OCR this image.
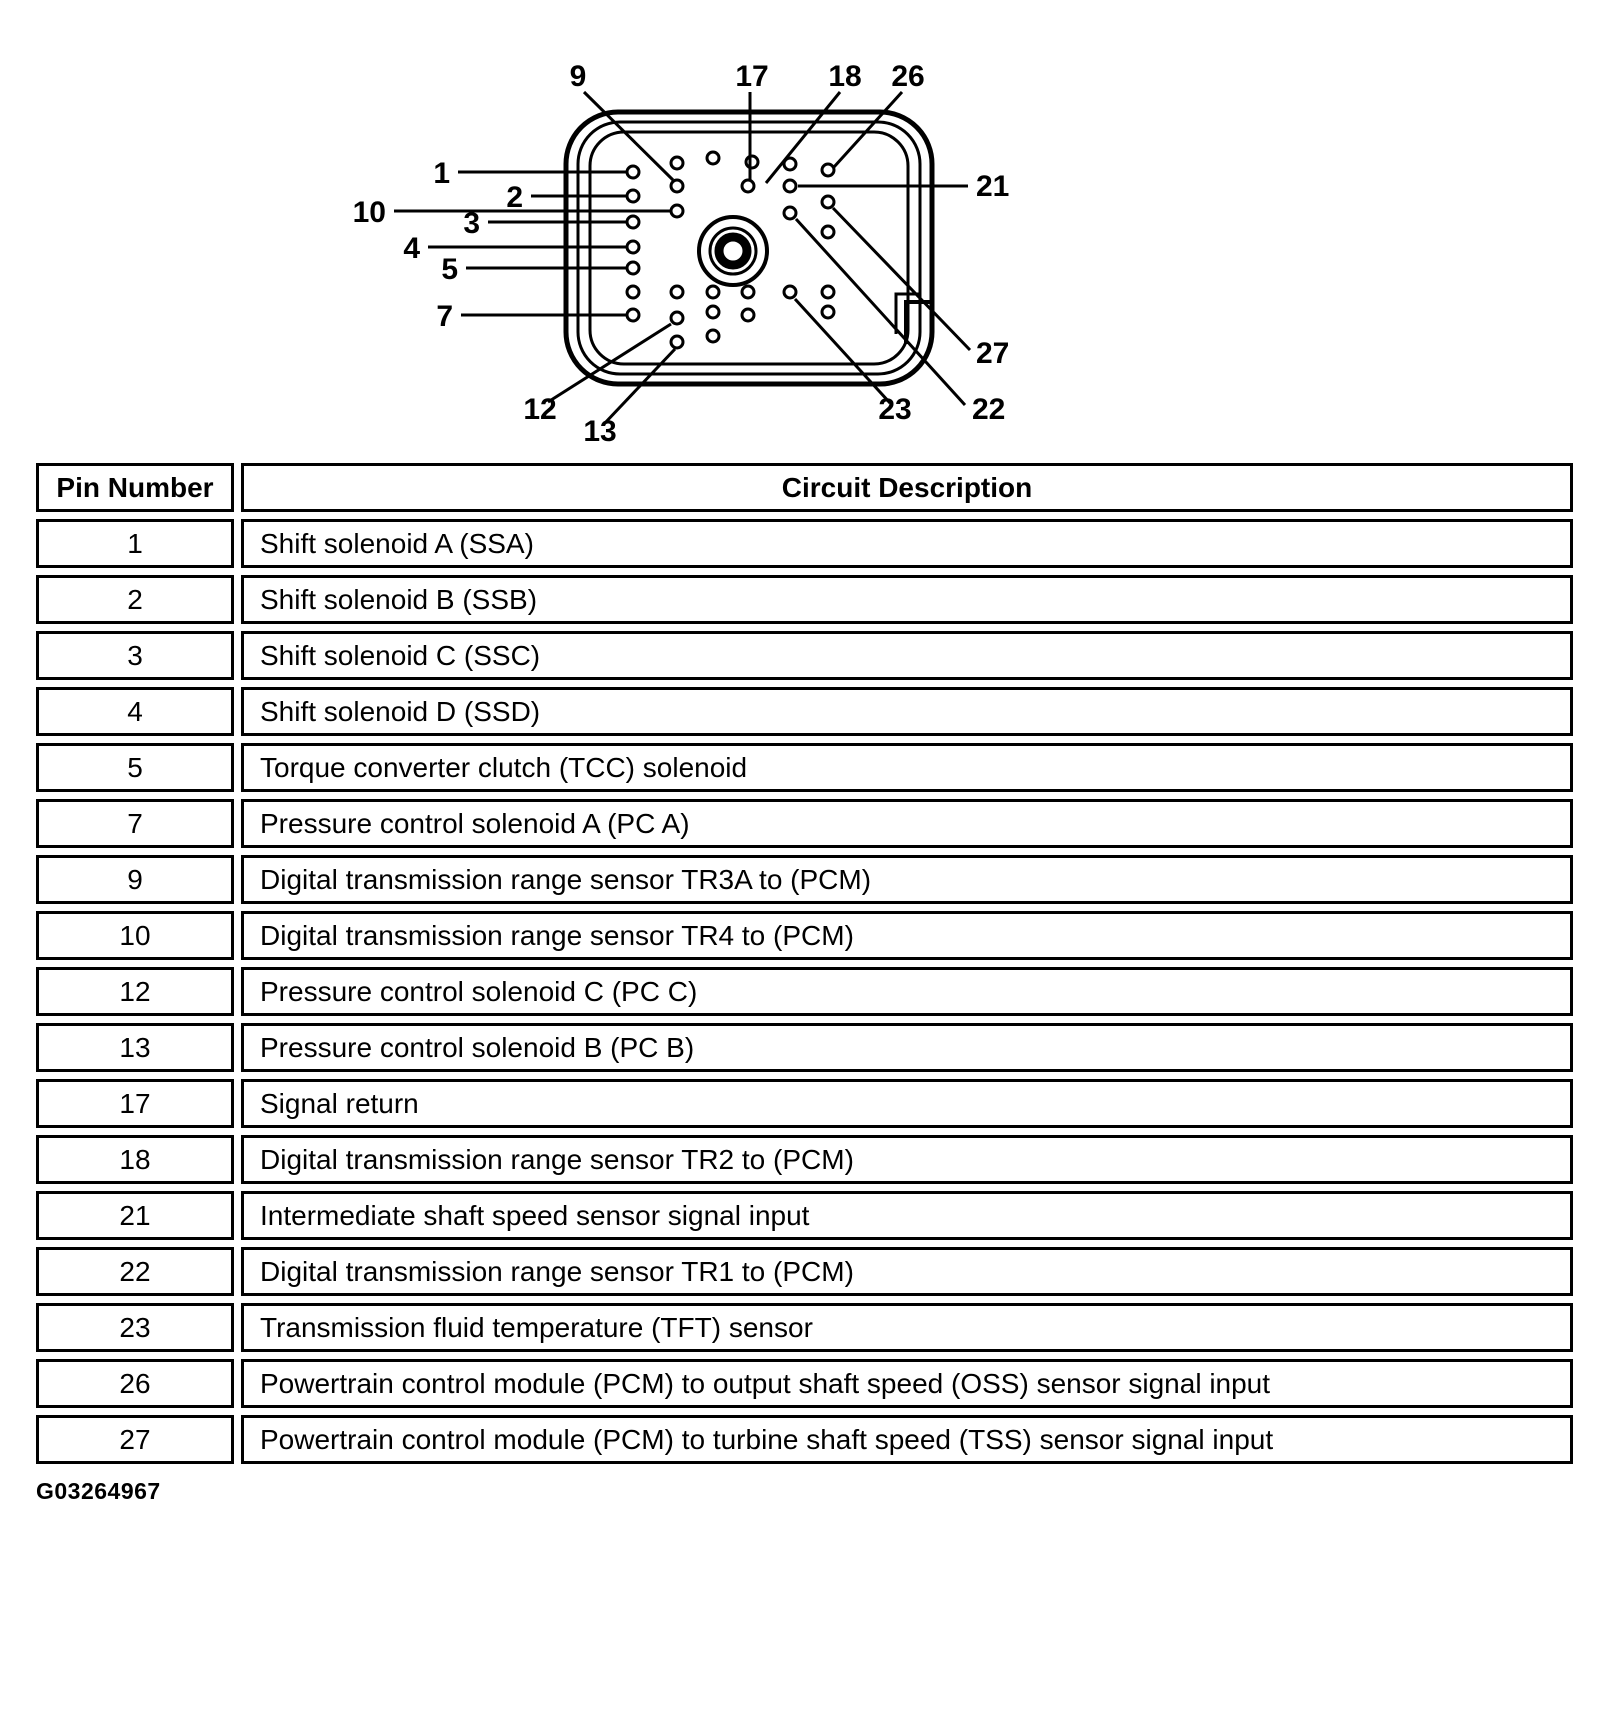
9	17 18 26
1
10	2
3
4
5
7
21
27
22
23
12
13
Pin Number	Circuit Description
1	Shift solenoid A (SSA)
2	Shift solenoid B (SSB)
3	Shift solenoid C (SSC)
4	Shift solenoid D (SSD)
5	Torque converter clutch (TCC) solenoid
7	Pressure control solenoid A (PC A)
9	Digital transmission range sensor TR3A to (PCM)
10	Digital transmission range sensor TR4 to (PCM)
12	Pressure control solenoid C (PC C)
13	Pressure control solenoid B (PC B)
17	Signal return
18	Digital transmission range sensor TR2 to (PCM)
21	Intermediate shaft speed sensor signal input
22	Digital transmission range sensor TR1 to (PCM)
23	Transmission fluid temperature (TFT) sensor
26	Powertrain control module (PCM) to output shaft speed (OSS) sensor signal input
27	Powertrain control module (PCM) to turbine shaft speed (TSS) sensor signal input
G03264967
